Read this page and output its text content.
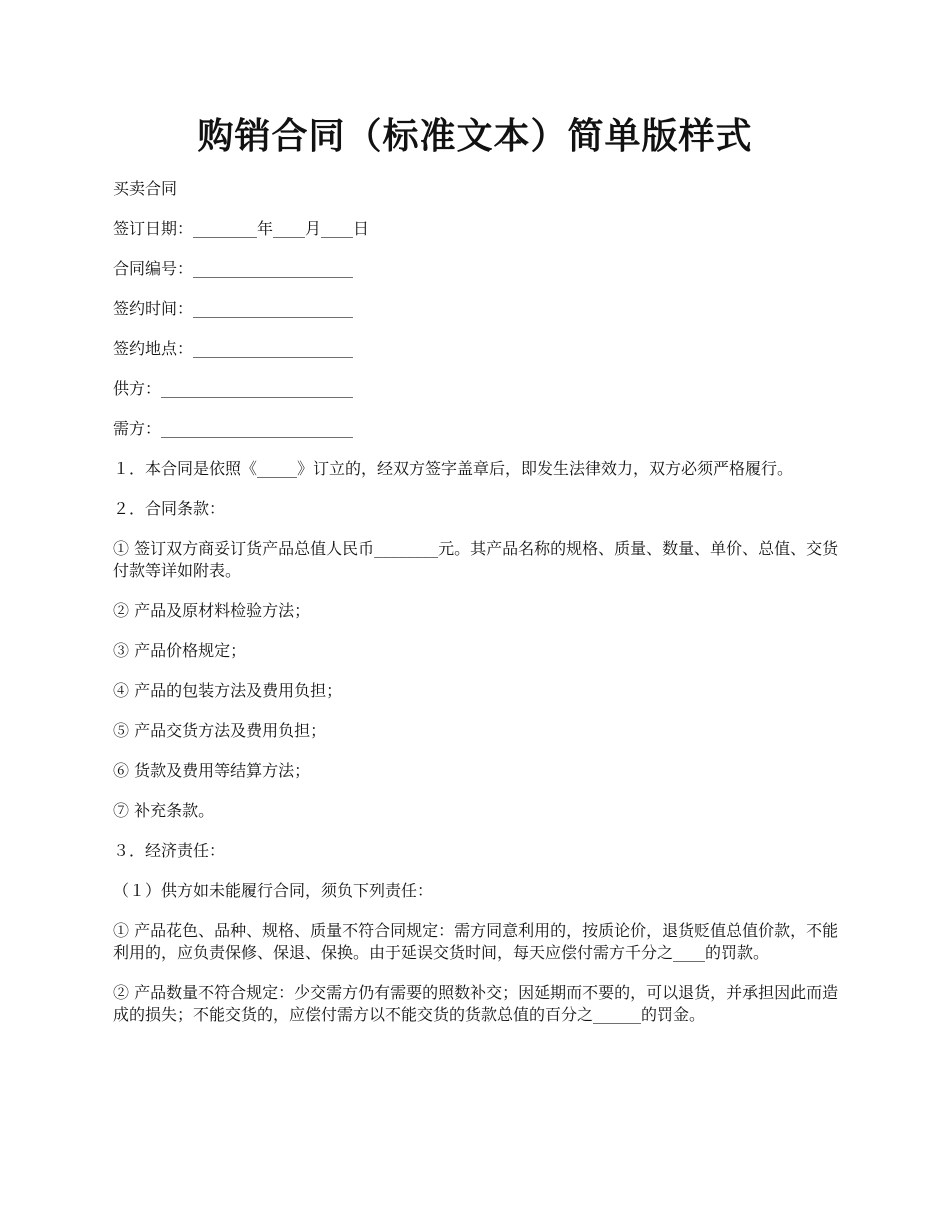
购销合同（标准文本）简单版样式

买卖合同

签订日期：________年____月____日

合同编号：____________________

签约时间：____________________

签约地点：____________________

供方：________________________

需方：________________________

１．本合同是依照《_____》订立的，经双方签字盖章后，即发生法律效力，双方必须严格履行。

２．合同条款：

① 签订双方商妥订货产品总值人民币________元。其产品名称的规格、质量、数量、单价、总值、交货付款等详如附表。

② 产品及原材料检验方法；

③ 产品价格规定；

④ 产品的包装方法及费用负担；

⑤ 产品交货方法及费用负担；

⑥ 货款及费用等结算方法；

⑦ 补充条款。

３．经济责任：

（１）供方如未能履行合同，须负下列责任：

① 产品花色、品种、规格、质量不符合同规定：需方同意利用的，按质论价，退货贬值总值价款，不能利用的，应负责保修、保退、保换。由于延误交货时间，每天应偿付需方千分之____的罚款。

② 产品数量不符合规定：少交需方仍有需要的照数补交；因延期而不要的，可以退货，并承担因此而造成的损失；不能交货的，应偿付需方以不能交货的货款总值的百分之______的罚金。
